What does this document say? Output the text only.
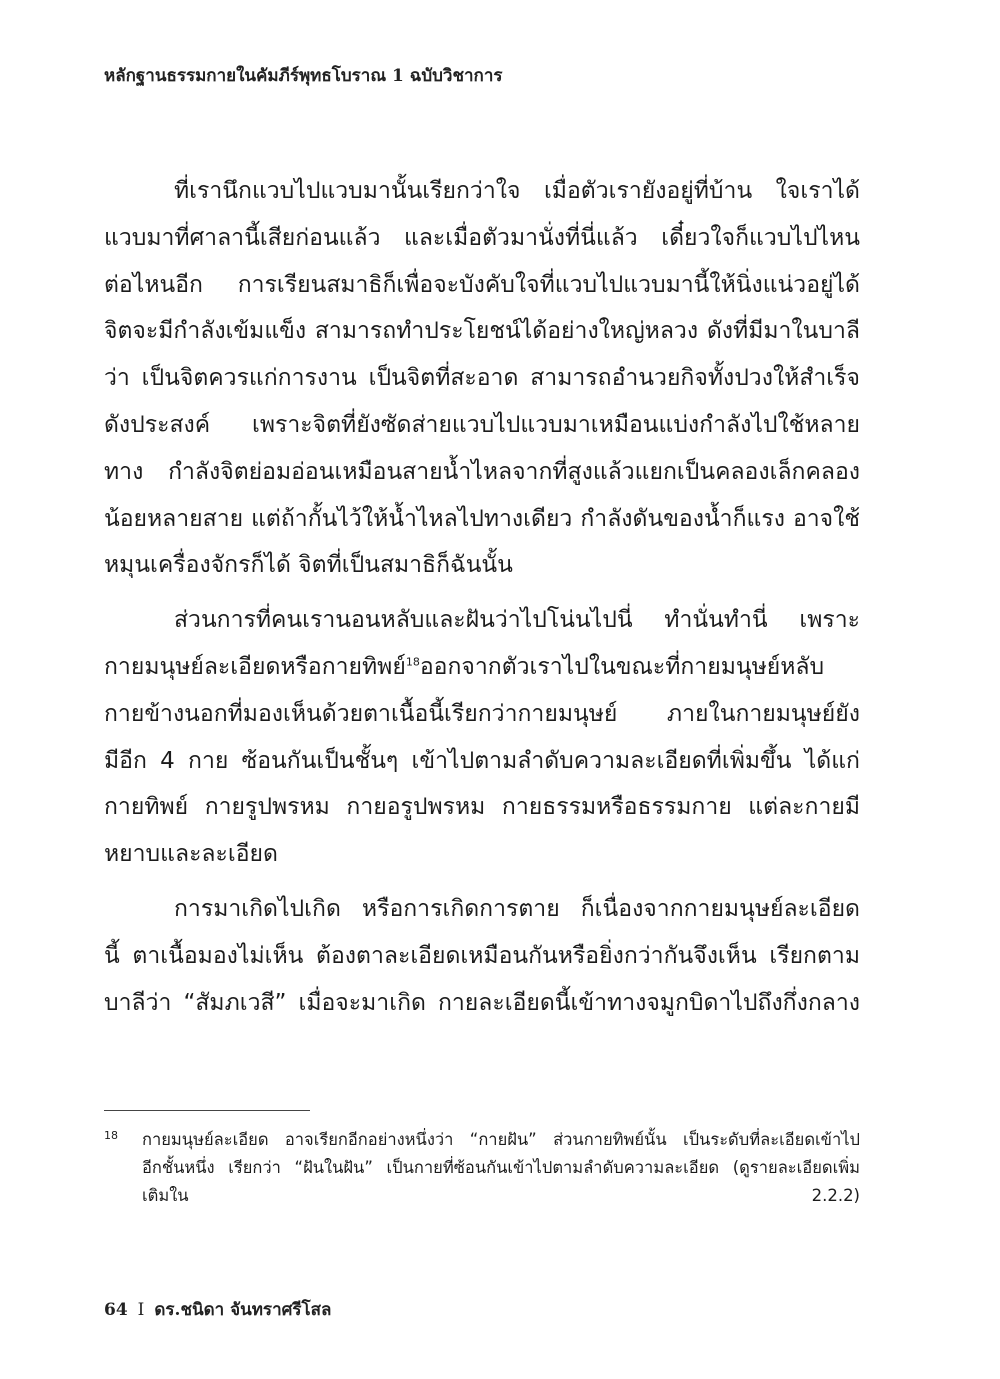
หลักฐานธรรมกายในคัมภีร์พุทธโบราณ 1 ฉบับวิชาการ
ที่เรานึกแวบไปแวบมานั้นเรียกว่าใจ เมื่อตัวเรายังอยู่ที่บ้าน ใจเราได้
แวบมาที่ศาลานี้เสียก่อนแล้ว และเมื่อตัวมานั่งที่นี่แล้ว เดี๋ยวใจก็แวบไปไหน
ต่อไหนอีก การเรียนสมาธิก็เพื่อจะบังคับใจที่แวบไปแวบมานี้ให้นิ่งแน่วอยู่ได้
จิตจะมีกำลังเข้มแข็ง สามารถทำประโยชน์ได้อย่างใหญ่หลวง ดังที่มีมาในบาลี
ว่า เป็นจิตควรแก่การงาน เป็นจิตที่สะอาด สามารถอำนวยกิจทั้งปวงให้สำเร็จ
ดังประสงค์ เพราะจิตที่ยังซัดส่ายแวบไปแวบมาเหมือนแบ่งกำลังไปใช้หลาย
ทาง กำลังจิตย่อมอ่อนเหมือนสายน้ำไหลจากที่สูงแล้วแยกเป็นคลองเล็กคลอง
น้อยหลายสาย แต่ถ้ากั้นไว้ให้น้ำไหลไปทางเดียว กำลังดันของน้ำก็แรง อาจใช้
หมุนเครื่องจักรก็ได้ จิตที่เป็นสมาธิก็ฉันนั้น
ส่วนการที่คนเรานอนหลับและฝันว่าไปโน่นไปนี่ ทำนั่นทำนี่ เพราะ
กายมนุษย์ละเอียดหรือกายทิพย์$^{18}$ออกจากตัวเราไปในขณะที่กายมนุษย์หลับ
กายข้างนอกที่มองเห็นด้วยตาเนื้อนี้เรียกว่ากายมนุษย์ ภายในกายมนุษย์ยัง
มีอีก 4 กาย ซ้อนกันเป็นชั้นๆ เข้าไปตามลำดับความละเอียดที่เพิ่มขึ้น ได้แก่
กายทิพย์ กายรูปพรหม กายอรูปพรหม กายธรรมหรือธรรมกาย แต่ละกายมี
หยาบและละเอียด
การมาเกิดไปเกิด หรือการเกิดการตาย ก็เนื่องจากกายมนุษย์ละเอียด
นี้ ตาเนื้อมองไม่เห็น ต้องตาละเอียดเหมือนกันหรือยิ่งกว่ากันจึงเห็น เรียกตาม
บาลีว่า “สัมภเวสี” เมื่อจะมาเกิด กายละเอียดนี้เข้าทางจมูกบิดาไปถึงกึ่งกลาง
18 กายมนุษย์ละเอียด อาจเรียกอีกอย่างหนึ่งว่า “กายฝัน” ส่วนกายทิพย์นั้น เป็นระดับที่ละเอียดเข้าไป
อีกชั้นหนึ่ง เรียกว่า “ฝันในฝัน” เป็นกายที่ซ้อนกันเข้าไปตามลำดับความละเอียด (ดูรายละเอียดเพิ่ม
เติมใน 2.2.2)
64 I ดร.ชนิดา จันทราศรีโสล
